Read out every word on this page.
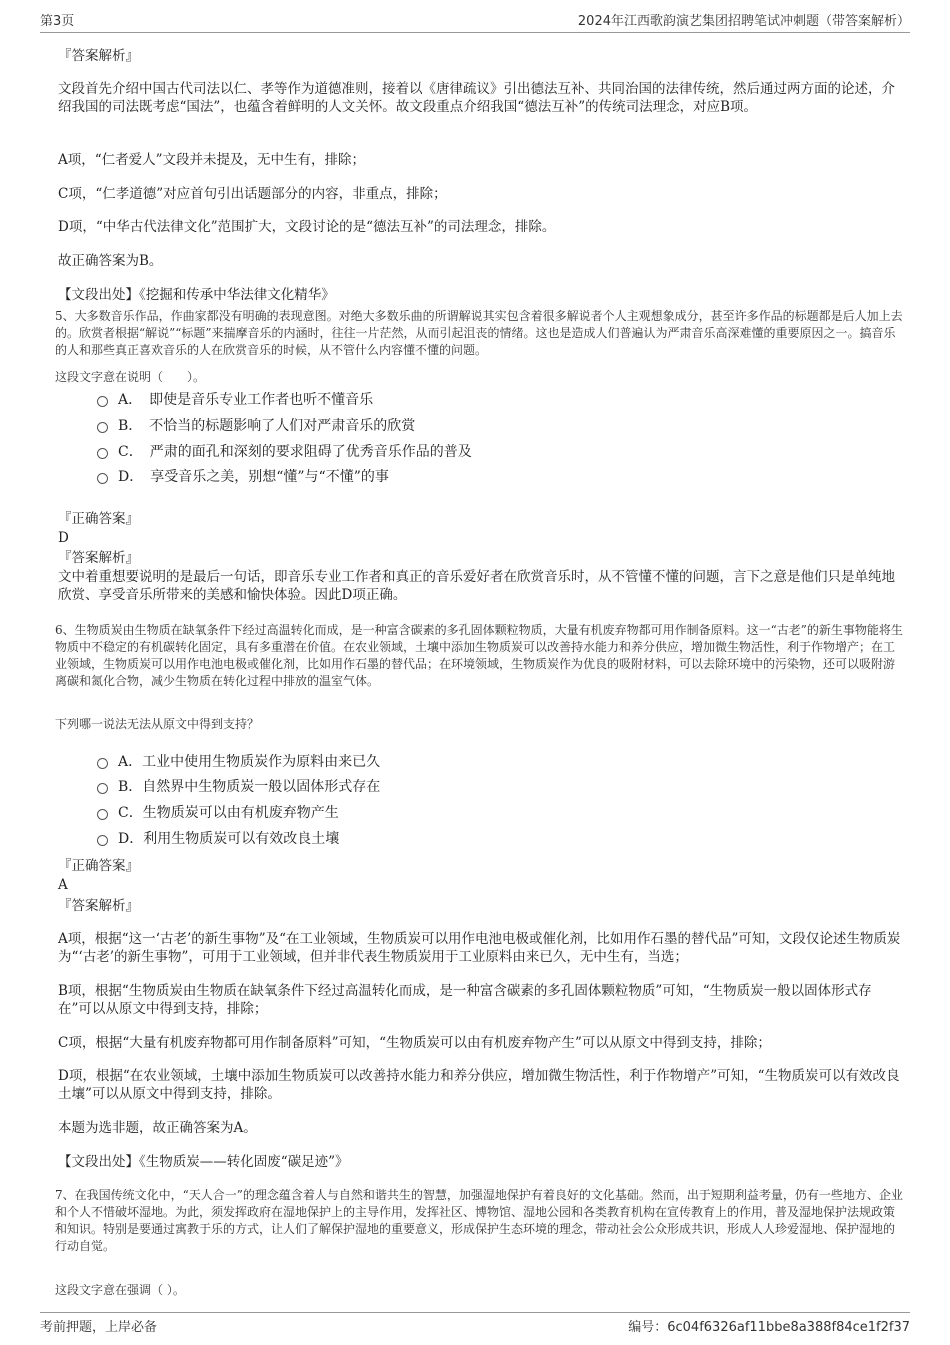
第3页	2024年江西歌韵演艺集团招聘笔试冲刺题（带答案解析）

『答案解析』

文段首先介绍中国古代司法以仁、孝等作为道德准则，接着以《唐律疏议》引出德法互补、共同治国的法律传统，然后通过两方面的论述，介绍我国的司法既考虑“国法”，也蕴含着鲜明的人文关怀。故文段重点介绍我国“德法互补”的传统司法理念，对应B项。

A项，“仁者爱人”文段并未提及，无中生有，排除；

C项，“仁孝道德”对应首句引出话题部分的内容，非重点，排除；

D项，“中华古代法律文化”范围扩大，文段讨论的是“德法互补”的司法理念，排除。

故正确答案为B。

【文段出处】《挖掘和传承中华法律文化精华》

5、大多数音乐作品，作曲家都没有明确的表现意图。对绝大多数乐曲的所谓解说其实包含着很多解说者个人主观想象成分，甚至许多作品的标题都是后人加上去的。欣赏者根据“解说”“标题”来揣摩音乐的内涵时，往往一片茫然，从而引起沮丧的情绪。这也是造成人们普遍认为严肃音乐高深难懂的重要原因之一。搞音乐的人和那些真正喜欢音乐的人在欣赏音乐的时候，从不管什么内容懂不懂的问题。

这段文字意在说明（　　）。

A．　即使是音乐专业工作者也听不懂音乐
B．　不恰当的标题影响了人们对严肃音乐的欣赏
C．　严肃的面孔和深刻的要求阻碍了优秀音乐作品的普及
D．　享受音乐之美，别想“懂”与“不懂”的事

『正确答案』

D

『答案解析』

文中着重想要说明的是最后一句话，即音乐专业工作者和真正的音乐爱好者在欣赏音乐时，从不管懂不懂的问题，言下之意是他们只是单纯地欣赏、享受音乐所带来的美感和愉快体验。因此D项正确。

6、生物质炭由生物质在缺氧条件下经过高温转化而成，是一种富含碳素的多孔固体颗粒物质，大量有机废弃物都可用作制备原料。这一“古老”的新生事物能将生物质中不稳定的有机碳转化固定，具有多重潜在价值。在农业领域，土壤中添加生物质炭可以改善持水能力和养分供应，增加微生物活性，利于作物增产；在工业领域，生物质炭可以用作电池电极或催化剂，比如用作石墨的替代品；在环境领域，生物质炭作为优良的吸附材料，可以去除环境中的污染物，还可以吸附游离碳和氮化合物，减少生物质在转化过程中排放的温室气体。

下列哪一说法无法从原文中得到支持？

A．工业中使用生物质炭作为原料由来已久
B．自然界中生物质炭一般以固体形式存在
C．生物质炭可以由有机废弃物产生
D．利用生物质炭可以有效改良土壤

『正确答案』

A

『答案解析』

A项，根据“这一‘古老’的新生事物”及“在工业领域，生物质炭可以用作电池电极或催化剂，比如用作石墨的替代品”可知，文段仅论述生物质炭为“‘古老’的新生事物”，可用于工业领域，但并非代表生物质炭用于工业原料由来已久，无中生有，当选；

B项，根据“生物质炭由生物质在缺氧条件下经过高温转化而成，是一种富含碳素的多孔固体颗粒物质”可知，“生物质炭一般以固体形式存在”可以从原文中得到支持，排除；

C项，根据“大量有机废弃物都可用作制备原料”可知，“生物质炭可以由有机废弃物产生”可以从原文中得到支持，排除；

D项，根据“在农业领域，土壤中添加生物质炭可以改善持水能力和养分供应，增加微生物活性，利于作物增产”可知，“生物质炭可以有效改良土壤”可以从原文中得到支持，排除。

本题为选非题，故正确答案为A。

【文段出处】《生物质炭——转化固废“碳足迹”》

7、在我国传统文化中，“天人合一”的理念蕴含着人与自然和谐共生的智慧，加强湿地保护有着良好的文化基础。然而，出于短期利益考量，仍有一些地方、企业和个人不惜破坏湿地。为此，须发挥政府在湿地保护上的主导作用，发挥社区、博物馆、湿地公园和各类教育机构在宣传教育上的作用，普及湿地保护法规政策和知识。特别是要通过寓教于乐的方式，让人们了解保护湿地的重要意义，形成保护生态环境的理念，带动社会公众形成共识，形成人人珍爱湿地、保护湿地的行动自觉。

这段文字意在强调（ ）。

考前押题，上岸必备	编号：6c04f6326af11bbe8a388f84ce1f2f37
